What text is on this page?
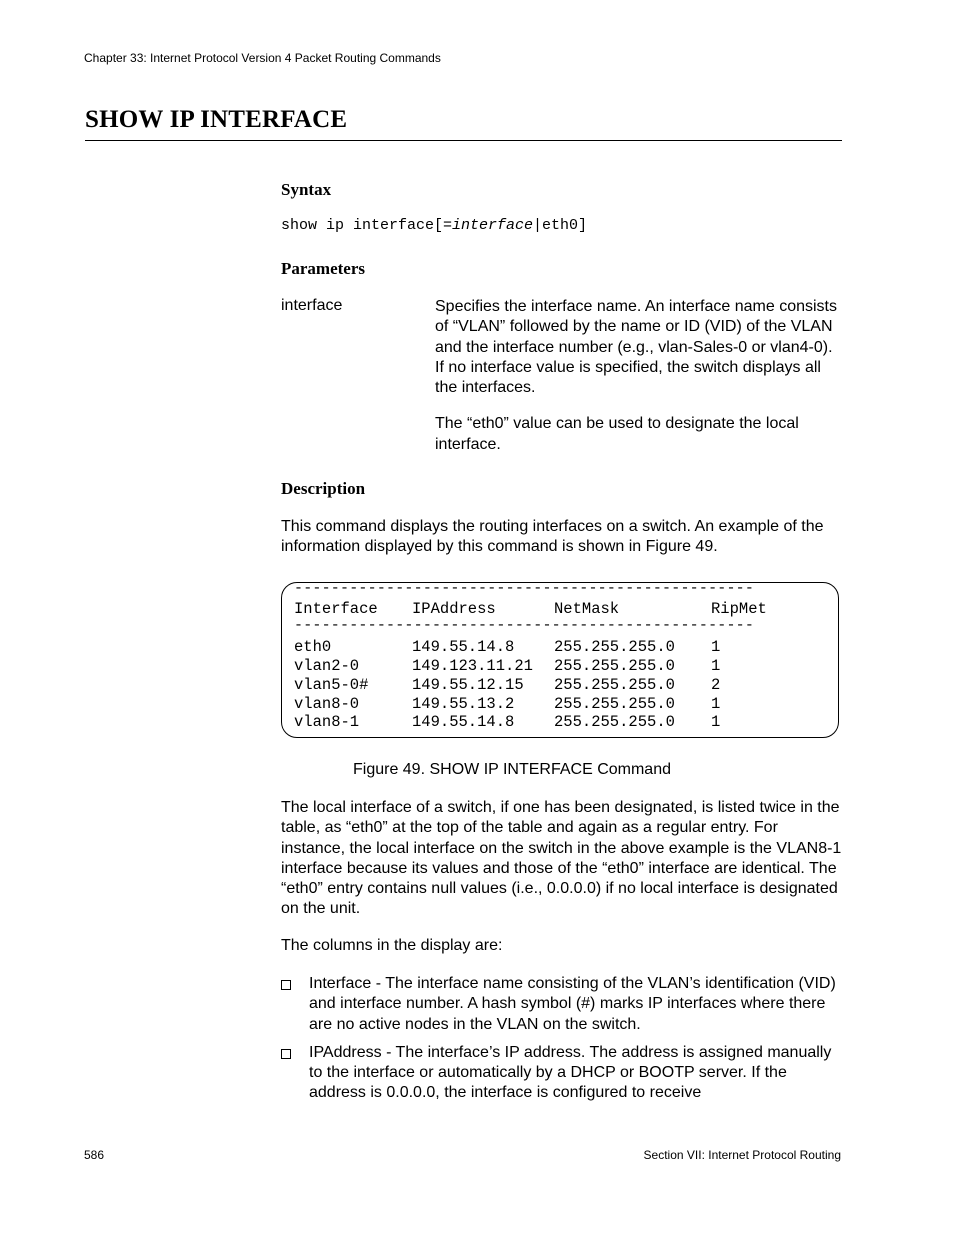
Chapter 33: Internet Protocol Version 4 Packet Routing Commands
SHOW IP INTERFACE
Syntax
show ip interface[=interface|eth0]
Parameters
interface	Specifies the interface name. An interface name consists of “VLAN” followed by the name or ID (VID) of the VLAN and the interface number (e.g., vlan-Sales-0 or vlan4-0). If no interface value is specified, the switch displays all the interfaces.

The “eth0” value can be used to designate the local interface.

Description
This command displays the routing interfaces on a switch. An example of the information displayed by this command is shown in Figure 49.
--------------------------------------------------
Interface	IPAddress	NetMask	RipMet
--------------------------------------------------
eth0	149.55.14.8	255.255.255.0	1
vlan2-0	149.123.11.21	255.255.255.0	1
vlan5-0#	149.55.12.15	255.255.255.0	2
vlan8-0	149.55.13.2	255.255.255.0	1
vlan8-1	149.55.14.8	255.255.255.0	1
Figure 49. SHOW IP INTERFACE Command
The local interface of a switch, if one has been designated, is listed twice in the table, as “eth0” at the top of the table and again as a regular entry. For instance, the local interface on the switch in the above example is the VLAN8-1 interface because its values and those of the “eth0” interface are identical. The “eth0” entry contains null values (i.e., 0.0.0.0) if no local interface is designated on the unit.
The columns in the display are:
Interface - The interface name consisting of the VLAN’s identification (VID) and interface number. A hash symbol (#) marks IP interfaces where there are no active nodes in the VLAN on the switch.
IPAddress - The interface’s IP address. The address is assigned manually to the interface or automatically by a DHCP or BOOTP server. If the address is 0.0.0.0, the interface is configured to receive
586	Section VII: Internet Protocol Routing
